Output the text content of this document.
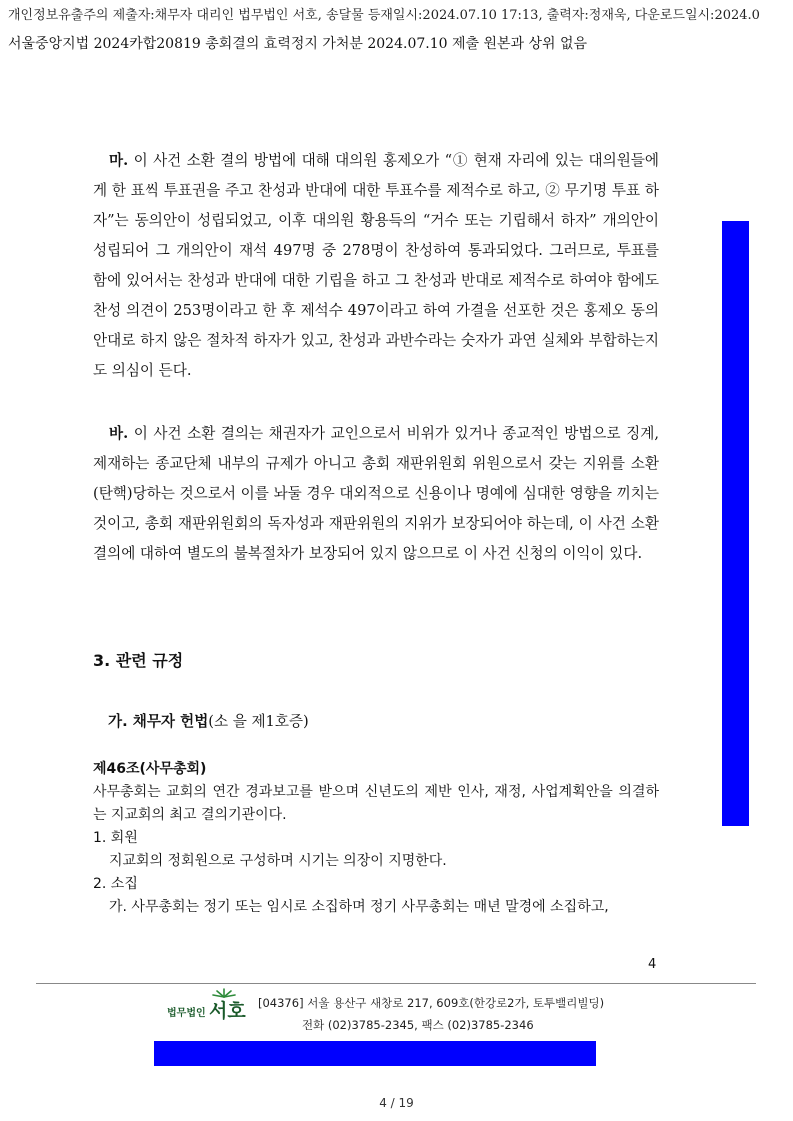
개인정보유출주의 제출자:채무자 대리인 법무법인 서호, 송달물 등재일시:2024.07.10 17:13, 출력자:정재욱, 다운로드일시:2024.0
서울중앙지법 2024카합20819 총회결의 효력정지 가처분 2024.07.10 제출 원본과 상위 없음

마. 이 사건 소환 결의 방법에 대해 대의원 홍제오가 “① 현재 자리에 있는 대의원들에게 한 표씩 투표권을 주고 찬성과 반대에 대한 투표수를 제적수로 하고, ② 무기명 투표 하자”는 동의안이 성립되었고, 이후 대의원 황용득의 “거수 또는 기립해서 하자” 개의안이 성립되어 그 개의안이 재석 497명 중 278명이 찬성하여 통과되었다. 그러므로, 투표를 함에 있어서는 찬성과 반대에 대한 기립을 하고 그 찬성과 반대로 제적수로 하여야 함에도 찬성 의견이 253명이라고 한 후 제석수 497이라고 하여 가결을 선포한 것은 홍제오 동의안대로 하지 않은 절차적 하자가 있고, 찬성과 과반수라는 숫자가 과연 실체와 부합하는지도 의심이 든다.

바. 이 사건 소환 결의는 채권자가 교인으로서 비위가 있거나 종교적인 방법으로 징계, 제재하는 종교단체 내부의 규제가 아니고 총회 재판위원회 위원으로서 갖는 지위를 소환(탄핵)당하는 것으로서 이를 놔둘 경우 대외적으로 신용이나 명예에 심대한 영향을 끼치는 것이고, 총회 재판위원회의 독자성과 재판위원의 지위가 보장되어야 하는데, 이 사건 소환 결의에 대하여 별도의 불복절차가 보장되어 있지 않으므로 이 사건 신청의 이익이 있다.

3. 관련 규정

가. 채무자 헌법(소 을 제1호증)

제46조(사무총회)
사무총회는 교회의 연간 경과보고를 받으며 신년도의 제반 인사, 재정, 사업계획안을 의결하는 지교회의 최고 결의기관이다.
1. 회원
지교회의 정회원으로 구성하며 시기는 의장이 지명한다.
2. 소집
가. 사무총회는 정기 또는 임시로 소집하며 정기 사무총회는 매년 말경에 소집하고,
4
법무법인 서호 [04376] 서울 용산구 새창로 217, 609호(한강로2가, 토투밸리빌딩)
전화 (02)3785-2345, 팩스 (02)3785-2346
4 / 19
